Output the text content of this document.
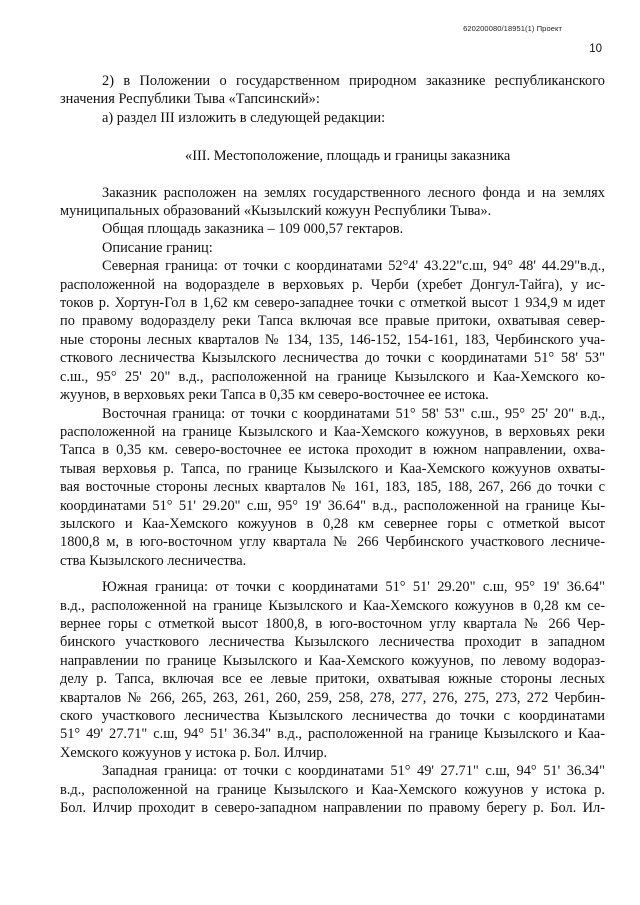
620200080/18951(1) Проект
10

2) в Положении о государственном природном заказнике республиканского

значения Республики Тыва «Тапсинский»:

а) раздел III изложить в следующей редакции:

«III. Местоположение, площадь и границы заказника

Заказник расположен на землях государственного лесного фонда и на землях

муниципальных образований «Кызылский кожуун Республики Тыва».

Общая площадь заказника – 109 000,57 гектаров.

Описание границ:

Северная граница: от точки с координатами 52°4' 43.22"с.ш, 94° 48' 44.29"в.д.,

расположенной на водоразделе в верховьях р. Черби (хребет Донгул-Тайга), у ис-

токов р. Хортун-Гол в 1,62 км северо-западнее точки с отметкой высот 1 934,9 м идет

по правому водоразделу реки Тапса включая все правые притоки, охватывая север-

ные стороны лесных кварталов № 134, 135, 146-152, 154-161, 183, Чербинского уча-

сткового лесничества Кызылского лесничества до точки с координатами 51° 58' 53"

с.ш., 95° 25' 20" в.д., расположенной на границе Кызылского и Каа-Хемского ко-

жуунов, в верховьях реки Тапса в 0,35 км северо-восточнее ее истока.

Восточная граница: от точки с координатами 51° 58' 53" с.ш., 95° 25' 20" в.д.,

расположенной на границе Кызылского и Каа-Хемского кожуунов, в верховьях реки

Тапса в 0,35 км. северо-восточнее ее истока проходит в южном направлении, охва-

тывая верховья р. Тапса, по границе Кызылского и Каа-Хемского кожуунов охваты-

вая восточные стороны лесных кварталов № 161, 183, 185, 188, 267, 266 до точки с

координатами 51° 51' 29.20" с.ш, 95° 19' 36.64" в.д., расположенной на границе Кы-

зылского и Каа-Хемского кожуунов в 0,28 км севернее горы с отметкой высот

1800,8 м, в юго-восточном углу квартала № 266 Чербинского участкового лесниче-

ства Кызылского лесничества.

Южная граница: от точки с координатами 51° 51' 29.20" с.ш, 95° 19' 36.64"

в.д., расположенной на границе Кызылского и Каа-Хемского кожуунов в 0,28 км се-

вернее горы с отметкой высот 1800,8, в юго-восточном углу квартала № 266 Чер-

бинского участкового лесничества Кызылского лесничества проходит в западном

направлении по границе Кызылского и Каа-Хемского кожуунов, по левому водораз-

делу р. Тапса, включая все ее левые притоки, охватывая южные стороны лесных

кварталов № 266, 265, 263, 261, 260, 259, 258, 278, 277, 276, 275, 273, 272 Чербин-

ского участкового лесничества Кызылского лесничества до точки с координатами

51° 49' 27.71" с.ш, 94° 51' 36.34" в.д., расположенной на границе Кызылского и Каа-

Хемского кожуунов у истока р. Бол. Илчир.

Западная граница: от точки с координатами 51° 49' 27.71" с.ш, 94° 51' 36.34"

в.д., расположенной на границе Кызылского и Каа-Хемского кожуунов у истока р.

Бол. Илчир проходит в северо-западном направлении по правому берегу р. Бол. Ил-
